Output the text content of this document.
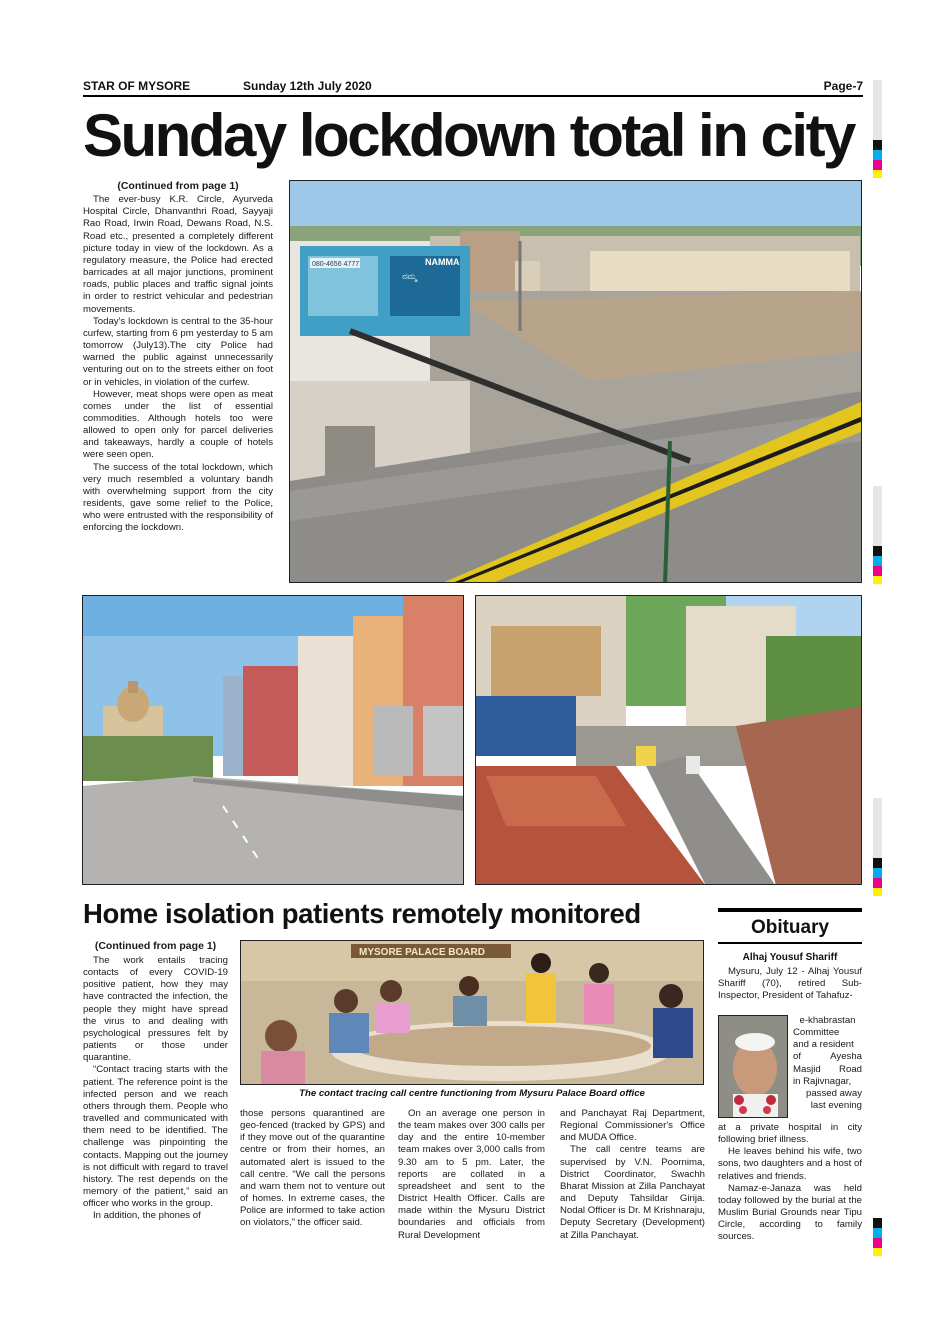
STAR OF MYSORE	Sunday 12th July 2020	Page-7
Sunday lockdown total in city
(Continued from page 1)

The ever-busy K.R. Circle, Ayurveda Hospital Circle, Dhanvanthri Road, Sayyaji Rao Road, Irwin Road, Dewans Road, N.S. Road etc., presented a completely different picture today in view of the lockdown. As a regulatory measure, the Police had erected barricades at all major junctions, prominent roads, public places and traffic signal joints in order to restrict vehicular and pedestrian movements.

Today's lockdown is central to the 35-hour curfew, starting from 6 pm yesterday to 5 am tomorrow (July13).The city Police had warned the public against unnecessarily venturing out on to the streets either on foot or in vehicles, in violation of the curfew.

However, meat shops were open as meat comes under the list of essential commodities. Although hotels too were allowed to open only for parcel deliveries and takeaways, hardly a couple of hotels were seen open.

The success of the total lockdown, which very much resembled a voluntary bandh with overwhelming support from the city residents, gave some relief to the Police, who were entrusted with the responsibility of enforcing the lockdown.

080-4656 4777	NAMMA
ನಮ್ಮ
Home isolation patients remotely monitored
(Continued from page 1)

The work entails tracing contacts of every COVID-19 positive patient, how they may have contracted the infection, the people they might have spread the virus to and dealing with psychological pressures felt by patients or those under quarantine.

“Contact tracing starts with the patient. The reference point is the infected person and we reach others through them. People who travelled and communicated with them need to be identified. The challenge was pinpointing the contacts. Mapping out the journey is not difficult with regard to travel history. The rest depends on the memory of the patient,” said an officer who works in the group.

In addition, the phones of

MYSORE PALACE BOARD
The contact tracing call centre functioning from Mysuru Palace Board office

those persons quarantined are geo-fenced (tracked by GPS) and if they move out of the quarantine centre or from their homes, an automated alert is issued to the call centre. “We call the persons and warn them not to venture out of homes. In extreme cases, the Police are informed to take action on violators,” the officer said.

On an average one person in the team makes over 300 calls per day and the entire 10-member team makes over 3,000 calls from 9.30 am to 5 pm. Later, the reports are collated in a spreadsheet and sent to the District Health Officer. Calls are made within the Mysuru District boundaries and officials from Rural Development

and Panchayat Raj Department, Regional Commissioner's Office and MUDA Office.

The call centre teams are supervised by V.N. Poornima, District Coordinator, Swachh Bharat Mission at Zilla Panchayat and Deputy Tahsildar Girija. Nodal Officer is Dr. M Krishnaraju, Deputy Secretary (Development) at Zilla Panchayat.

Obituary
Alhaj Yousuf Shariff

Mysuru, July 12 - Alhaj Yousuf Shariff (70), retired Sub-Inspector, President of Tahafuz-

e-khabrastan
Committee
and a resident
of Ayesha
Masjid Road
in Rajivnagar,
passed away
last evening

at a private hospital in city following brief illness.

He leaves behind his wife, two sons, two daughters and a host of relatives and friends.

Namaz-e-Janaza was held today followed by the burial at the Muslim Burial Grounds near Tipu Circle, according to family sources.
